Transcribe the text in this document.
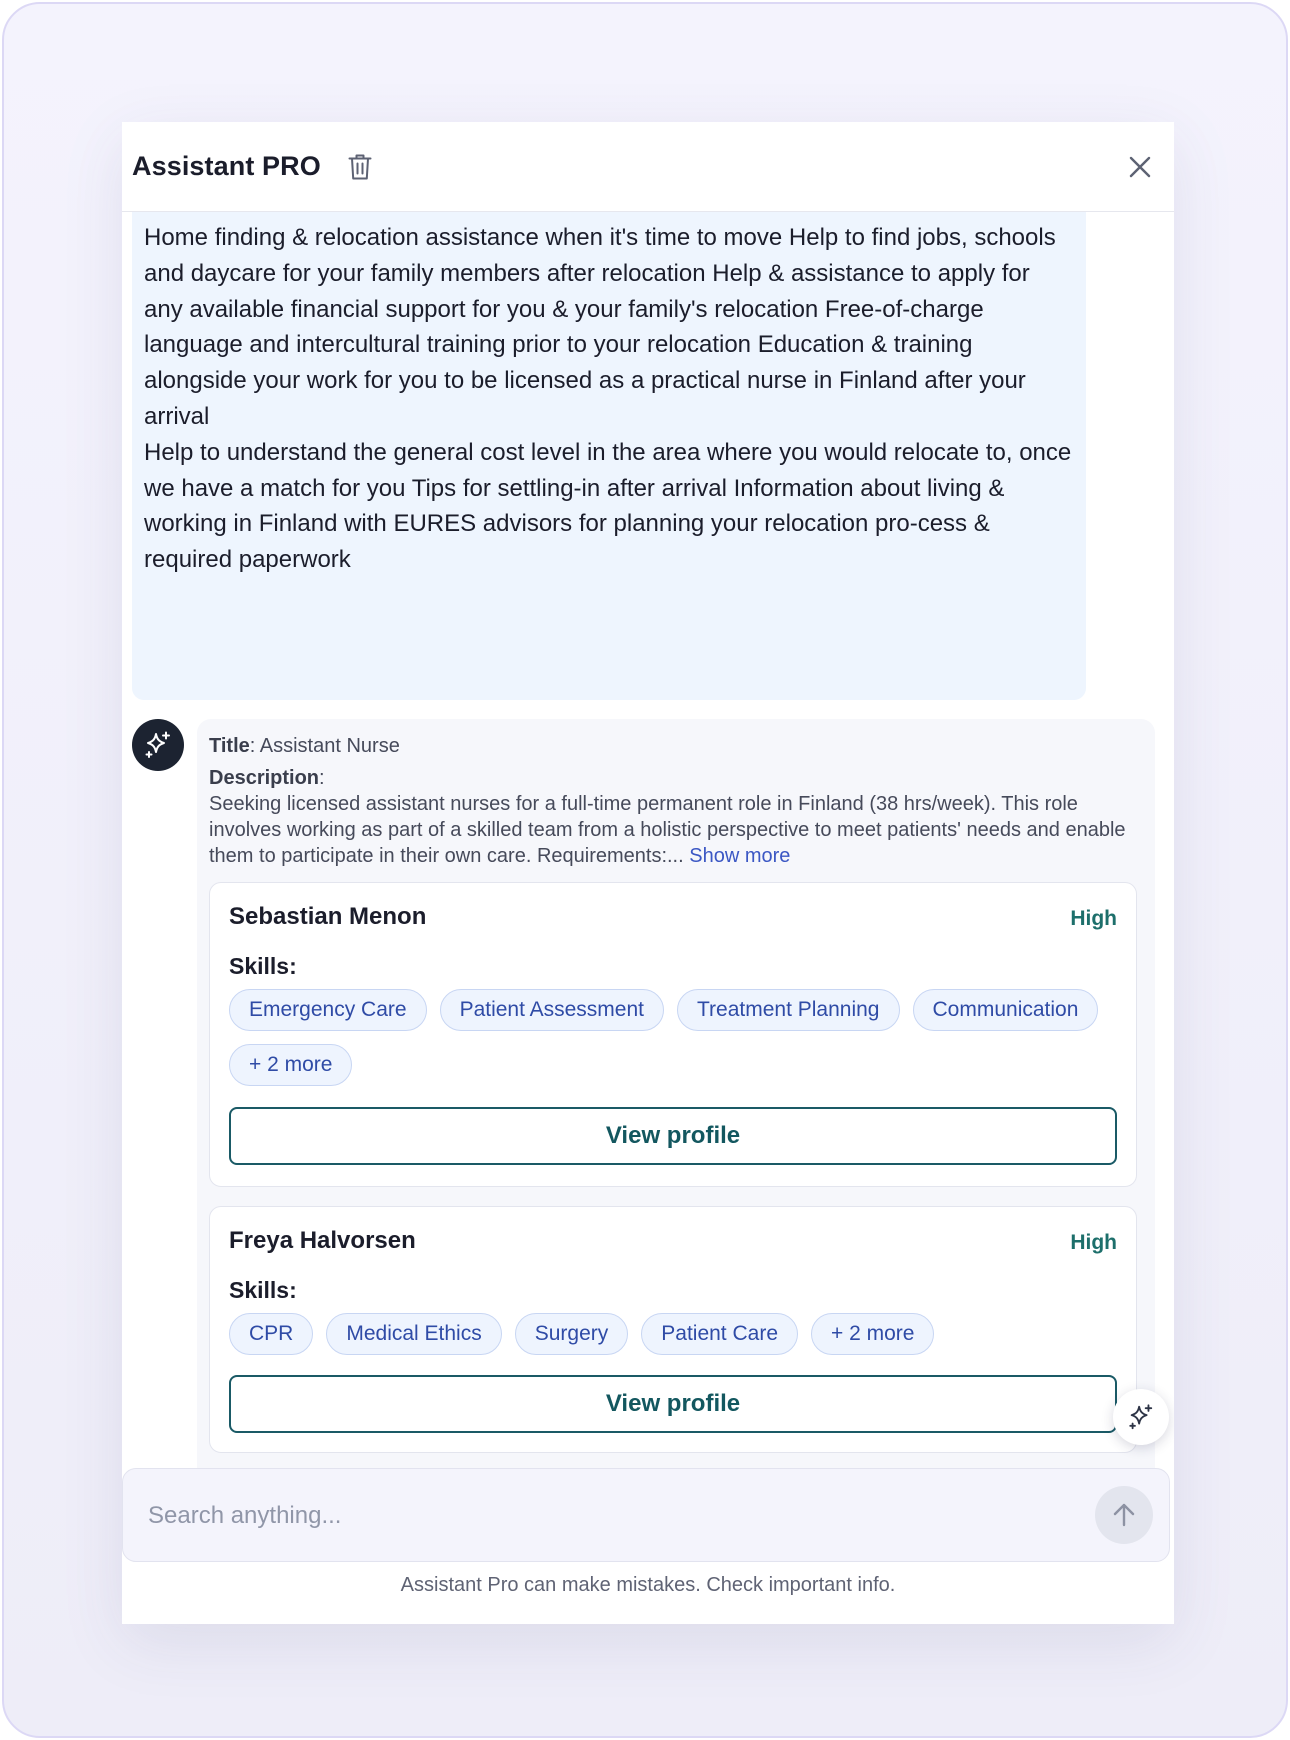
Assistant PRO

Home finding & relocation assistance when it's time to move Help to find jobs, schools and daycare for your family members after relocation Help & assistance to apply for any available financial support for you & your family's relocation Free-of-charge language and intercultural training prior to your relocation Education & training alongside your work for you to be licensed as a practical nurse in Finland after your arrival

Help to understand the general cost level in the area where you would relocate to, once we have a match for you Tips for settling-in after arrival Information about living & working in Finland with EURES advisors for planning your relocation pro-cess & required paperwork

Title: Assistant Nurse
Description:
Seeking licensed assistant nurses for a full-time permanent role in Finland (38 hrs/week). This role involves working as part of a skilled team from a holistic perspective to meet patients' needs and enable them to participate in their own care. Requirements:... Show more
Sebastian Menon	High
Skills:
Emergency Care	Patient Assessment	Treatment Planning	Communication
+ 2 more
View profile
Freya Halvorsen	High
Skills:
CPR	Medical Ethics	Surgery	Patient Care	+ 2 more
View profile
Search anything...
Assistant Pro can make mistakes. Check important info.
